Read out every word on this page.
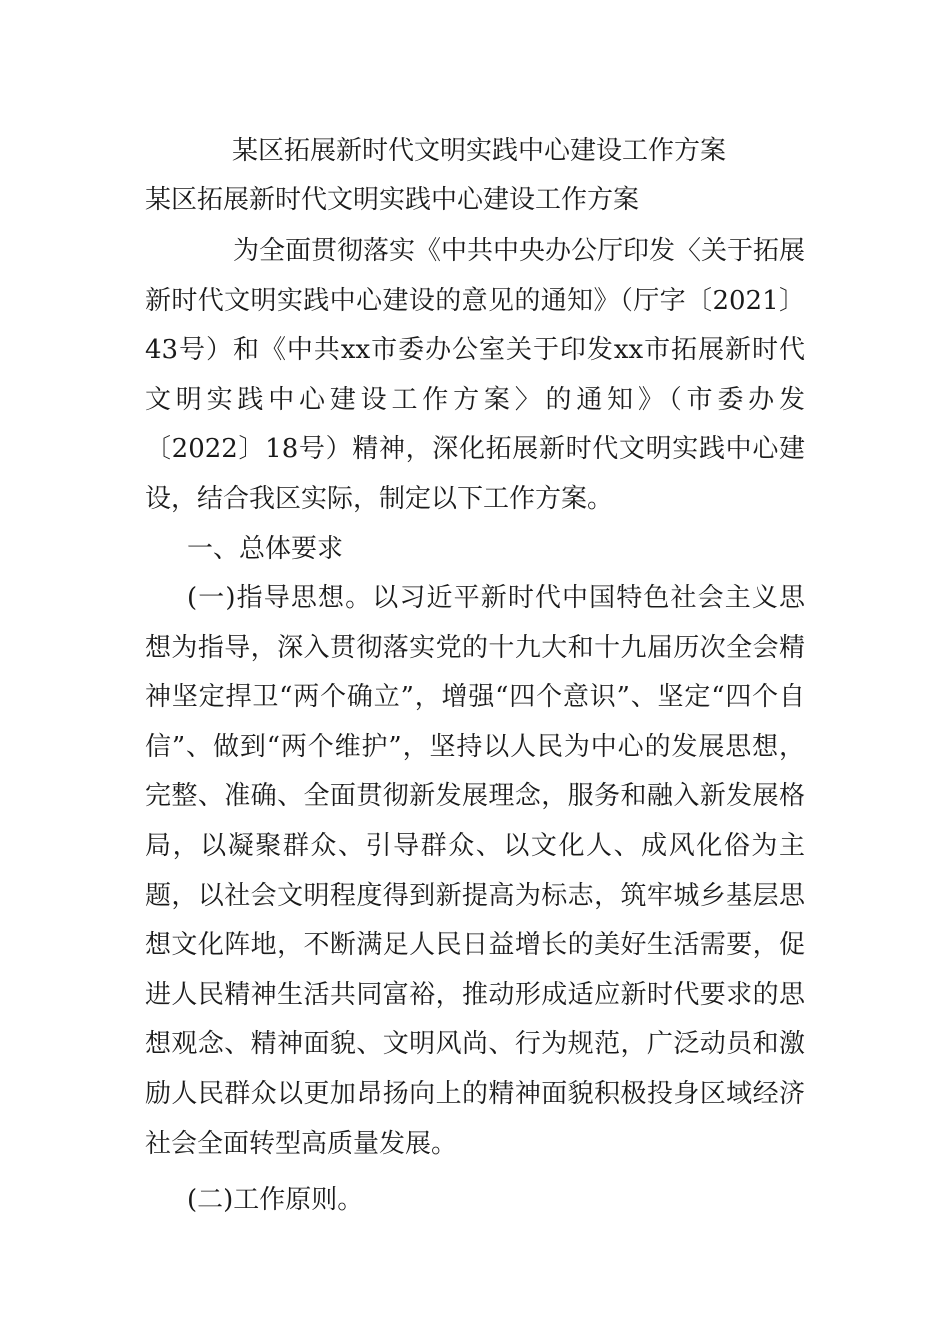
某区拓展新时代文明实践中心建设工作方案

某区拓展新时代文明实践中心建设工作方案

为全面贯彻落实《中共中央办公厅印发〈关于拓展新时代文明实践中心建设的意见的通知》（厅字〔2021〕43号）和《中共xx市委办公室关于印发xx市拓展新时代文明实践中心建设工作方案〉的通知》（市委办发〔2022〕18号）精神，深化拓展新时代文明实践中心建设，结合我区实际，制定以下工作方案。

一、总体要求

(一)指导思想。以习近平新时代中国特色社会主义思想为指导，深入贯彻落实党的十九大和十九届历次全会精神坚定捍卫“两个确立”，增强“四个意识”、坚定“四个自信”、做到“两个维护”，坚持以人民为中心的发展思想，完整、准确、全面贯彻新发展理念，服务和融入新发展格局，以凝聚群众、引导群众、以文化人、成风化俗为主题，以社会文明程度得到新提高为标志，筑牢城乡基层思想文化阵地，不断满足人民日益增长的美好生活需要，促进人民精神生活共同富裕，推动形成适应新时代要求的思想观念、精神面貌、文明风尚、行为规范，广泛动员和激励人民群众以更加昂扬向上的精神面貌积极投身区域经济社会全面转型高质量发展。

(二)工作原则。
